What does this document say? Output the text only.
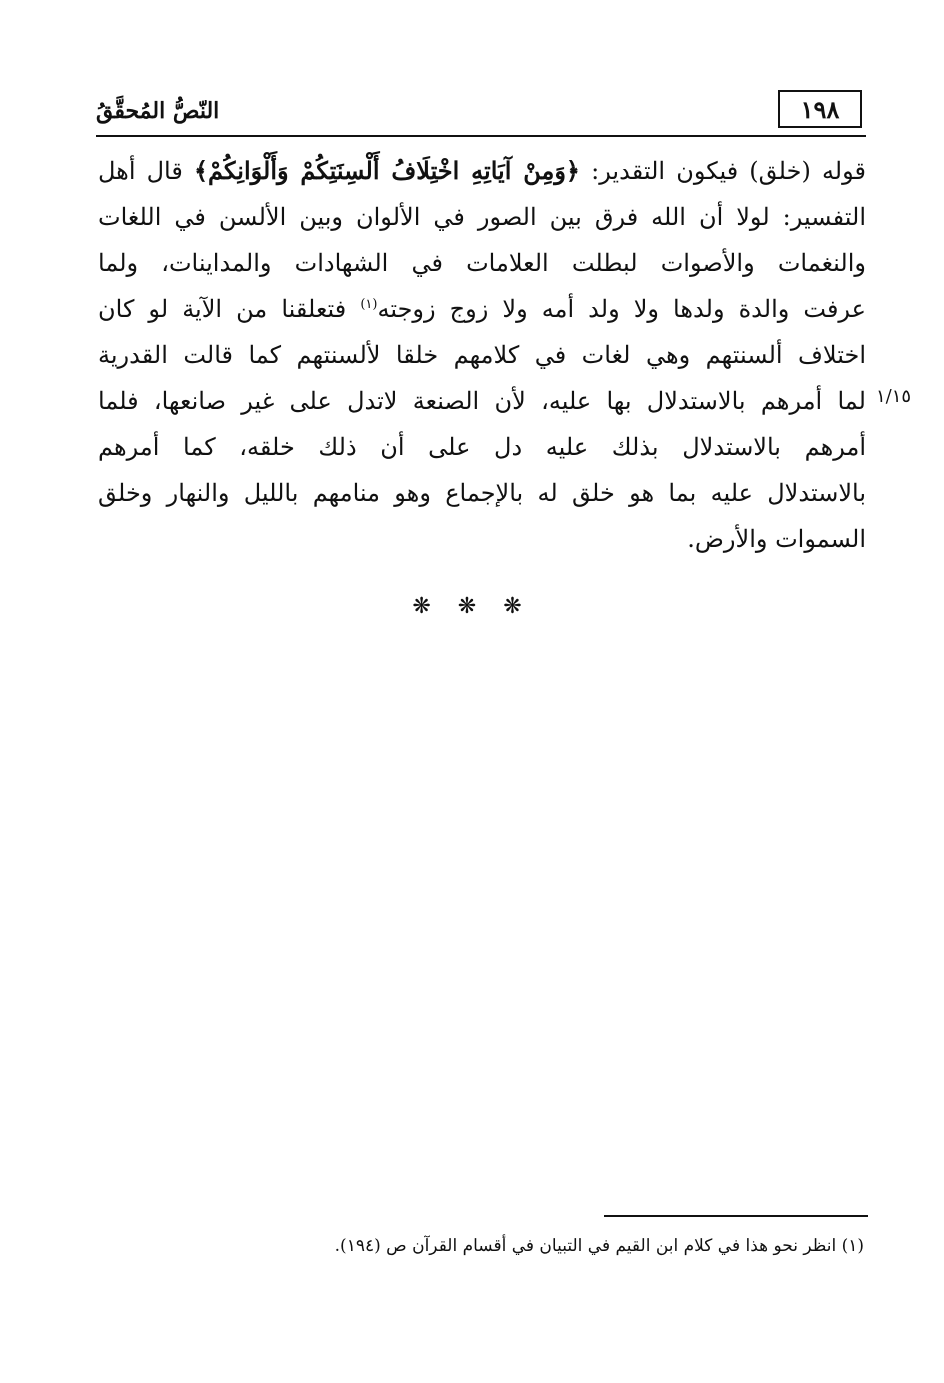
النّصُّ المُحقَّقُ	١٩٨
قوله (خلق) فيكون التقدير: ﴿وَمِنْ آيَاتِهِ اخْتِلَافُ أَلْسِنَتِكُمْ وَأَلْوَانِكُمْ﴾ قال أهل
التفسير: لولا أن الله فرق بين الصور في الألوان وبين الألسن في اللغات
والنغمات والأصوات لبطلت العلامات في الشهادات والمداينات، ولما
عرفت والدة ولدها ولا ولد أمه ولا زوج زوجته$^{(١)}$ فتعلقنا من الآية لو كان
اختلاف ألسنتهم وهي لغات في كلامهم خلقا لألسنتهم كما قالت القدرية
لما أمرهم بالاستدلال بها عليه، لأن الصنعة لاتدل على غير صانعها، فلما
أمرهم بالاستدلال بذلك عليه دل على أن ذلك خلقه، كما أمرهم
بالاستدلال عليه بما هو خلق له بالإجماع وهو منامهم بالليل والنهار وخلق
السموات والأرض.
١/١٥
❋ ❋ ❋
(١) انظر نحو هذا في كلام ابن القيم في التبيان في أقسام القرآن ص (١٩٤).
